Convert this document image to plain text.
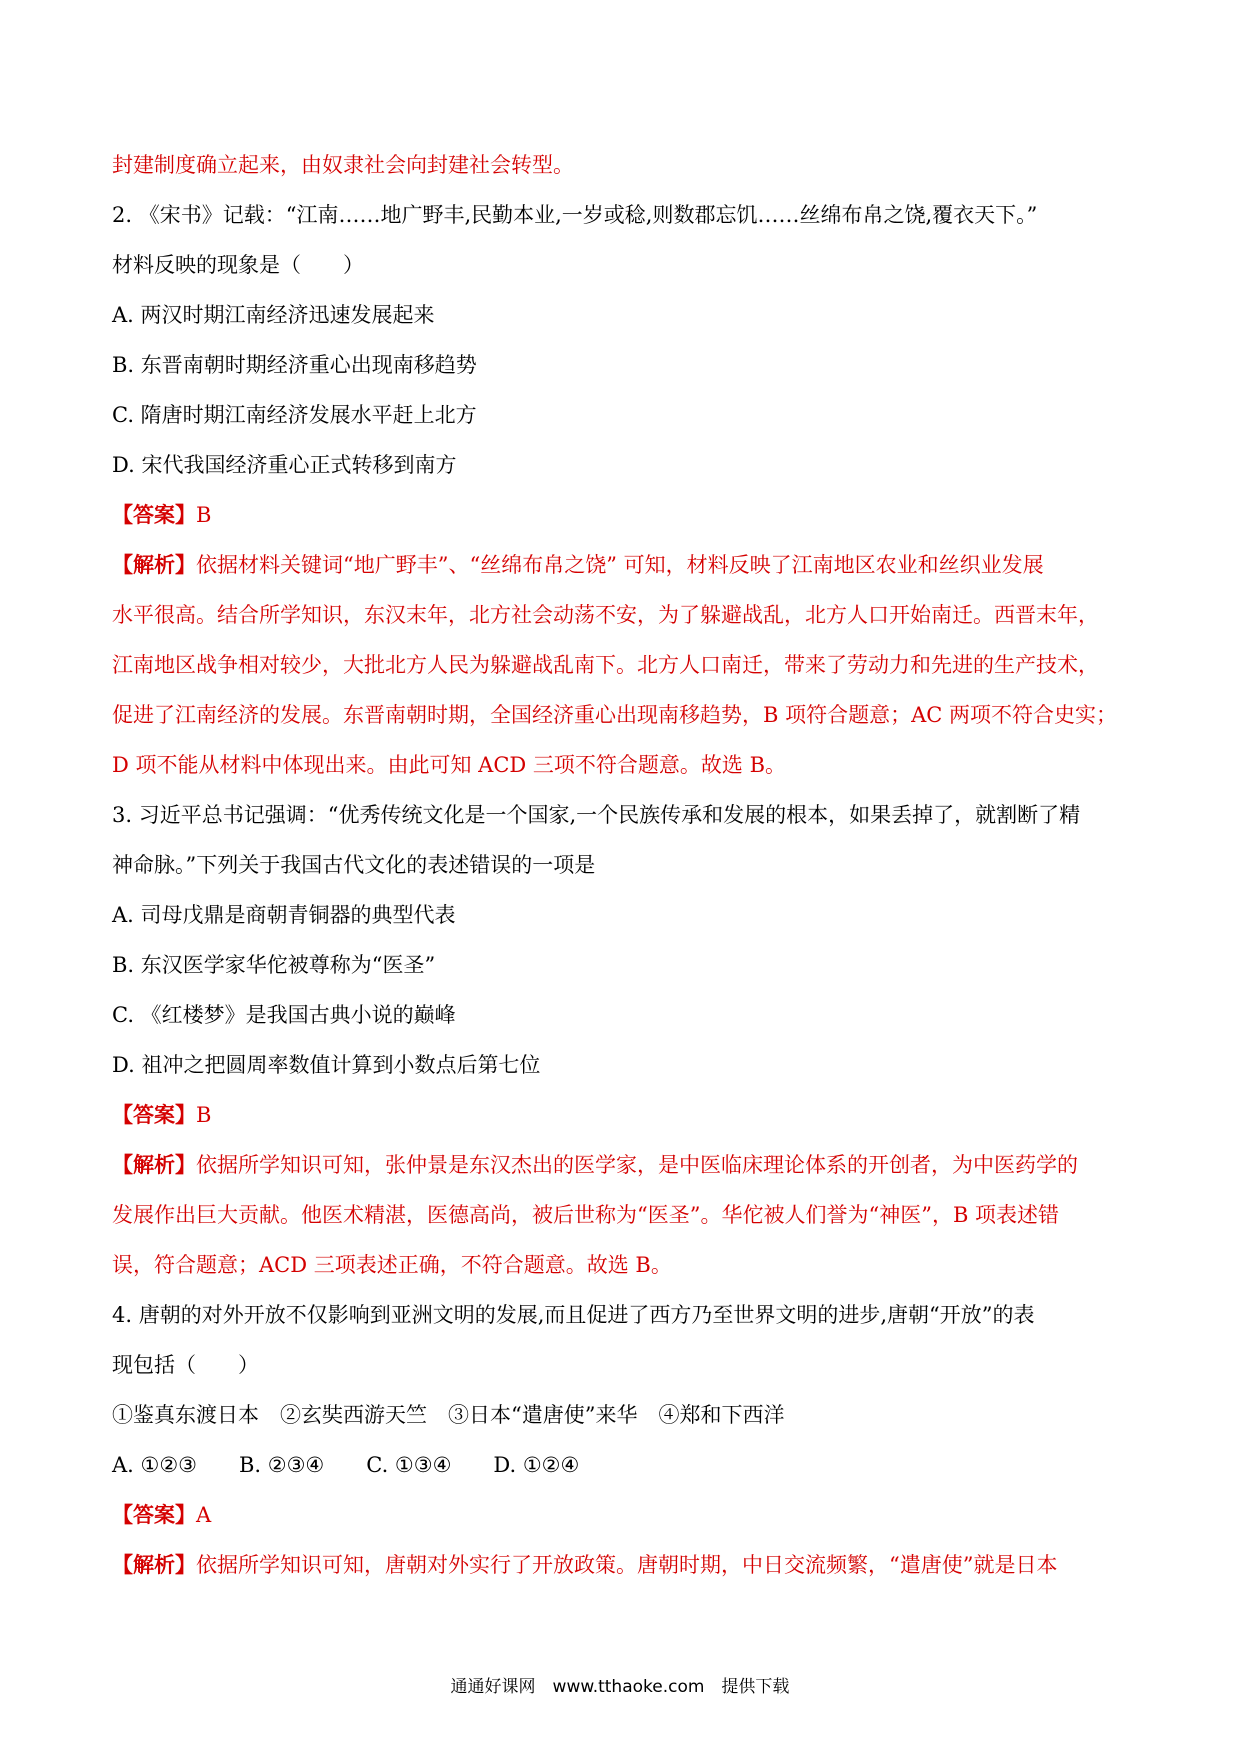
封建制度确立起来，由奴隶社会向封建社会转型。
2. 《宋书》记载：“江南……地广野丰,民勤本业,一岁或稔,则数郡忘饥……丝绵布帛之饶,覆衣天下。”
材料反映的现象是（　　）
A. 两汉时期江南经济迅速发展起来
B. 东晋南朝时期经济重心出现南移趋势
C. 隋唐时期江南经济发展水平赶上北方
D. 宋代我国经济重心正式转移到南方
【答案】B
【解析】依据材料关键词“地广野丰”、“丝绵布帛之饶” 可知，材料反映了江南地区农业和丝织业发展
水平很高。结合所学知识，东汉末年，北方社会动荡不安，为了躲避战乱，北方人口开始南迁。西晋末年，
江南地区战争相对较少，大批北方人民为躲避战乱南下。北方人口南迁，带来了劳动力和先进的生产技术，
促进了江南经济的发展。东晋南朝时期，全国经济重心出现南移趋势，B 项符合题意；AC 两项不符合史实；
D 项不能从材料中体现出来。由此可知 ACD 三项不符合题意。故选 B。
3. 习近平总书记强调：“优秀传统文化是一个国家,一个民族传承和发展的根本，如果丢掉了，就割断了精
神命脉。”下列关于我国古代文化的表述错误的一项是
A. 司母戊鼎是商朝青铜器的典型代表
B. 东汉医学家华佗被尊称为“医圣”
C. 《红楼梦》是我国古典小说的巅峰
D. 祖冲之把圆周率数值计算到小数点后第七位
【答案】B
【解析】依据所学知识可知，张仲景是东汉杰出的医学家，是中医临床理论体系的开创者，为中医药学的
发展作出巨大贡献。他医术精湛，医德高尚，被后世称为“医圣”。华佗被人们誉为“神医”，B 项表述错
误，符合题意；ACD 三项表述正确，不符合题意。故选 B。
4. 唐朝的对外开放不仅影响到亚洲文明的发展,而且促进了西方乃至世界文明的进步,唐朝“开放”的表
现包括（　　）
①鉴真东渡日本　②玄奘西游天竺　③日本“遣唐使”来华　④郑和下西洋
A. ①②③　　B. ②③④　　C. ①③④　　D. ①②④
【答案】A
【解析】依据所学知识可知，唐朝对外实行了开放政策。唐朝时期，中日交流频繁，“遣唐使”就是日本
通通好课网　www.tthaoke.com　提供下载
